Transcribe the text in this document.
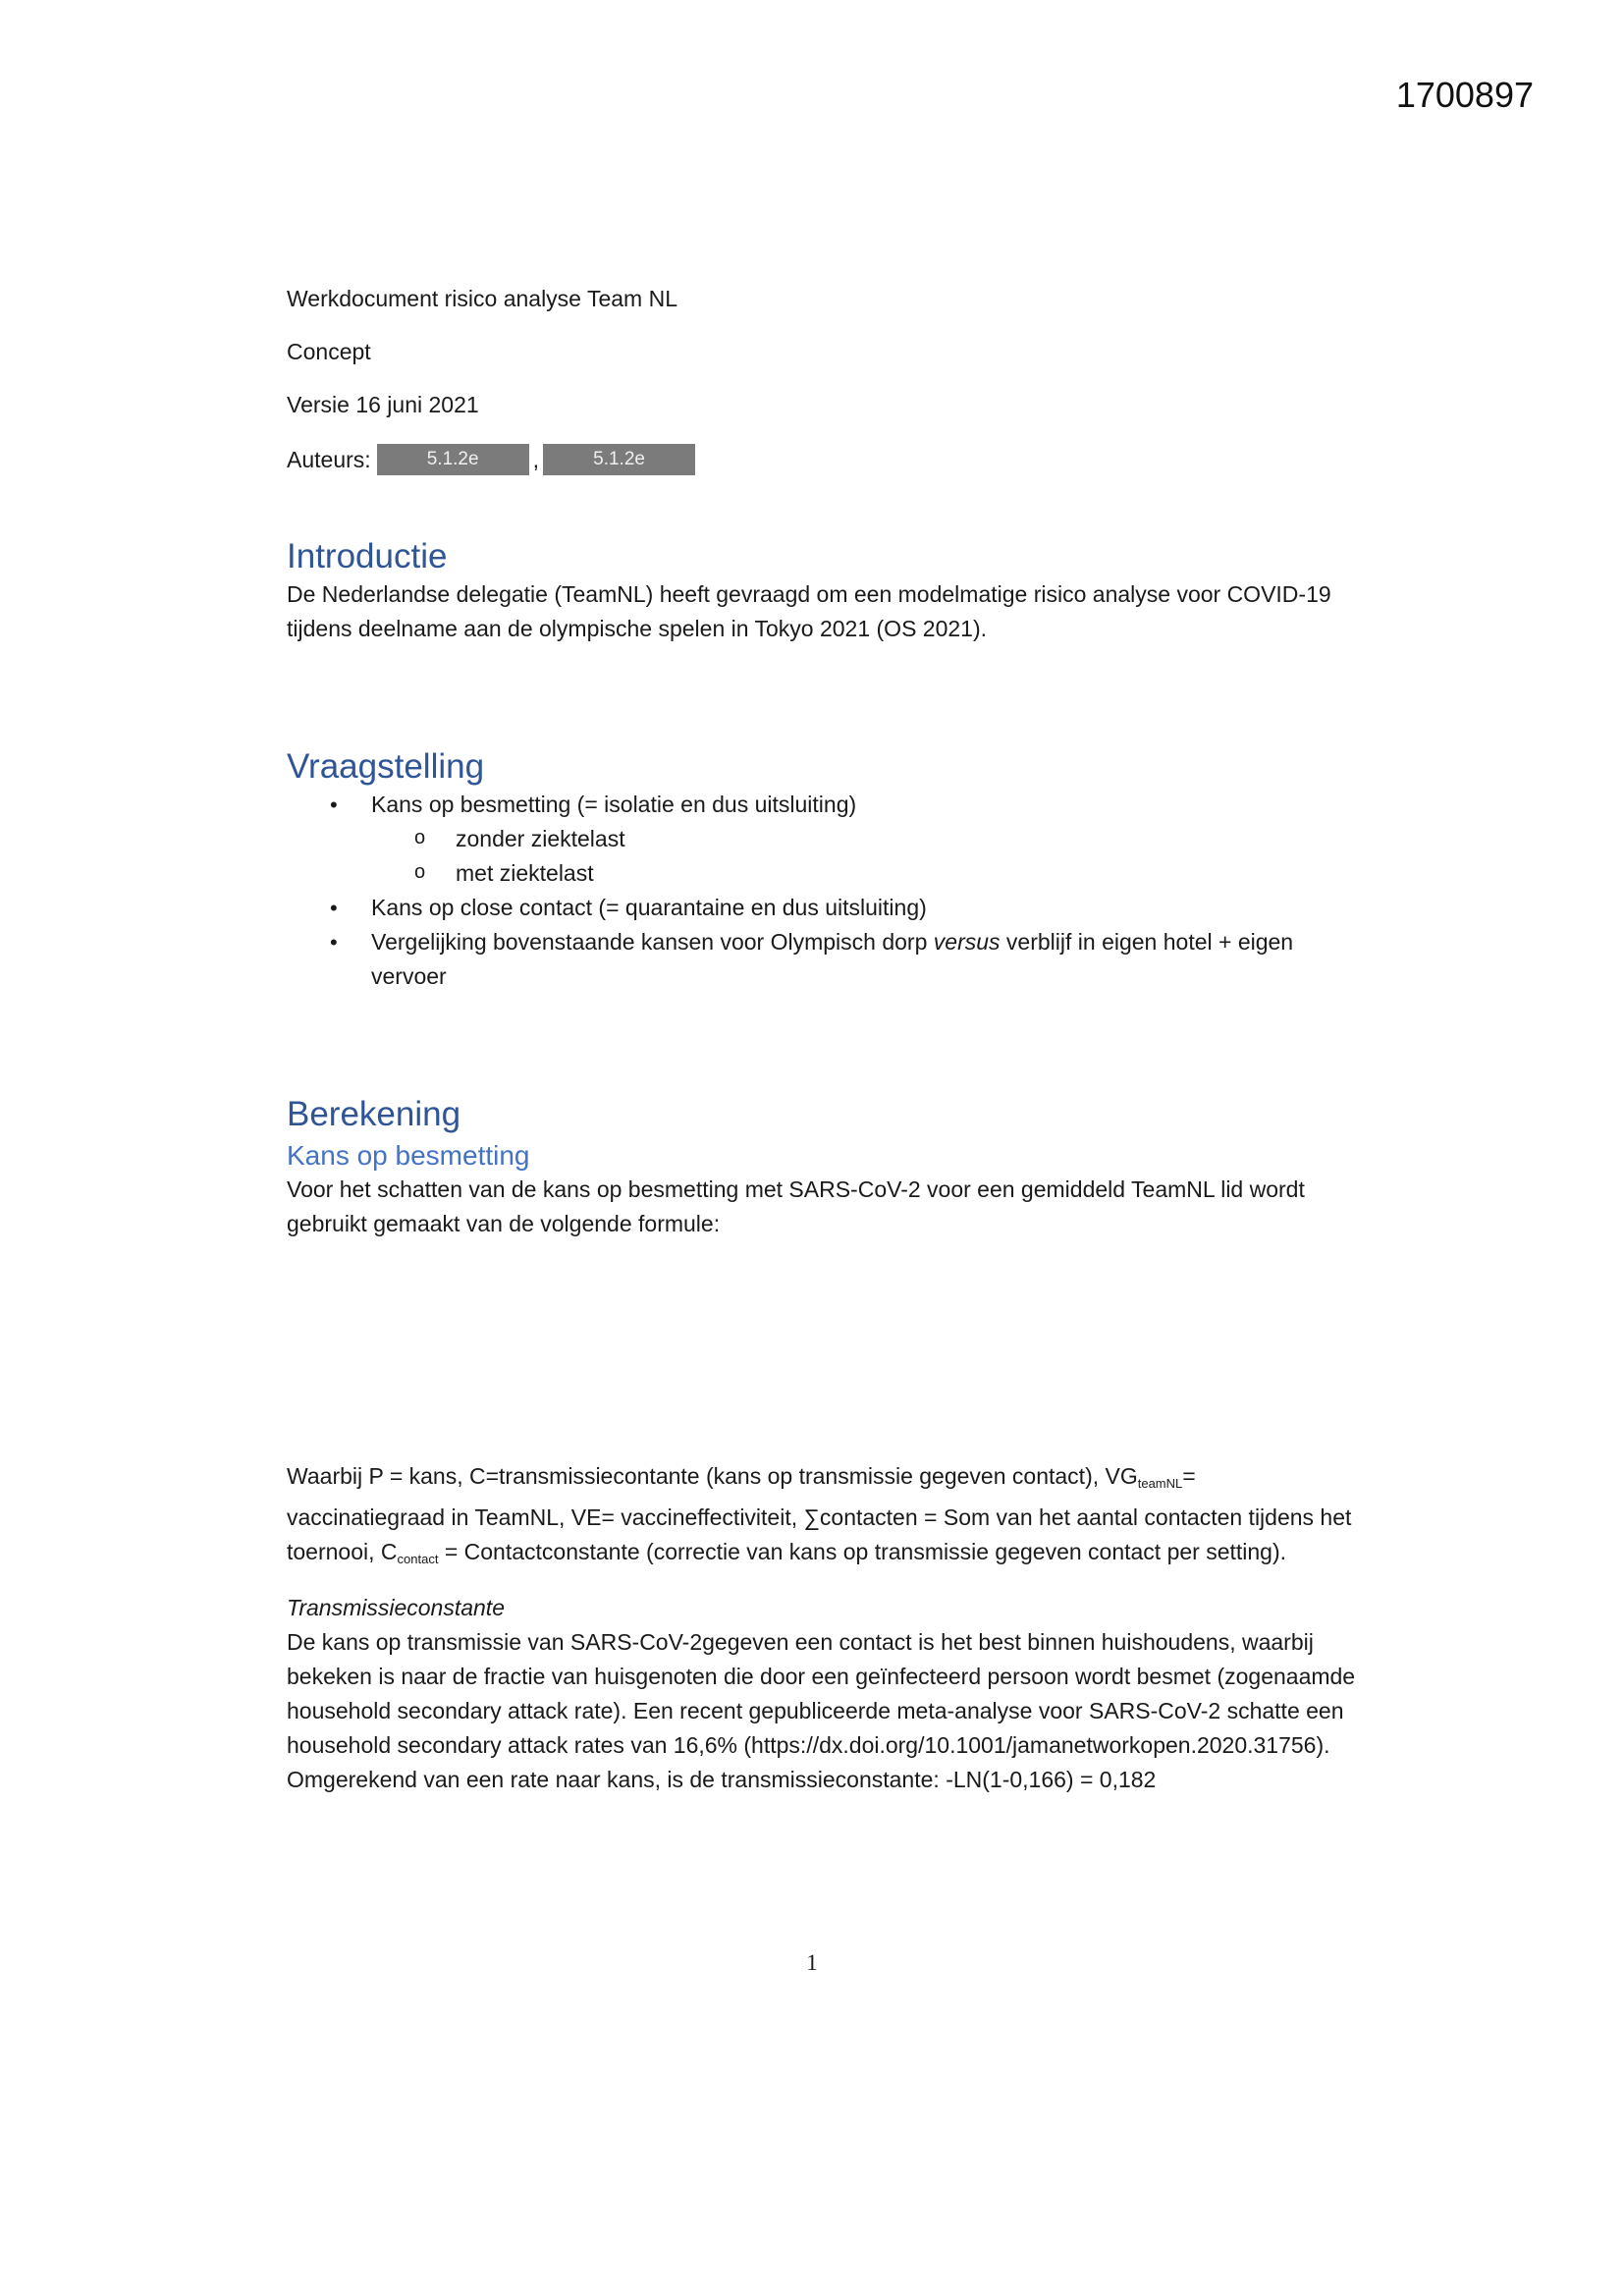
1700897

Werkdocument risico analyse Team NL

Concept

Versie 16 juni 2021

Auteurs:	5.1.2e	,	5.1.2e
Introductie

De Nederlandse delegatie (TeamNL) heeft gevraagd om een modelmatige risico analyse voor COVID-19 tijdens deelname aan de olympische spelen in Tokyo 2021 (OS 2021).

Vraagstelling
• Kans op besmetting (= isolatie en dus uitsluiting)
o zonder ziektelast
o met ziektelast
• Kans op close contact (= quarantaine en dus uitsluiting)
• Vergelijking bovenstaande kansen voor Olympisch dorp versus verblijf in eigen hotel + eigen vervoer
Berekening
Kans op besmetting

Voor het schatten van de kans op besmetting met SARS-CoV-2 voor een gemiddeld TeamNL lid wordt gebruikt gemaakt van de volgende formule:

Waarbij P = kans, C=transmissiecontante (kans op transmissie gegeven contact), $VG_{teamNL}=$ vaccinatiegraad in TeamNL, VE= vaccineffectiviteit, ∑contacten = Som van het aantal contacten tijdens het toernooi, $C_{contact}$ = Contactconstante (correctie van kans op transmissie gegeven contact per setting).

Transmissieconstante

De kans op transmissie van SARS-CoV-2gegeven een contact is het best binnen huishoudens, waarbij bekeken is naar de fractie van huisgenoten die door een geïnfecteerd persoon wordt besmet (zogenaamde household secondary attack rate). Een recent gepubliceerde meta-analyse voor SARS-CoV-2 schatte een household secondary attack rates van 16,6% (https://dx.doi.org/10.1001/jamanetworkopen.2020.31756). Omgerekend van een rate naar kans, is de transmissieconstante: -LN(1-0,166) = 0,182

1
